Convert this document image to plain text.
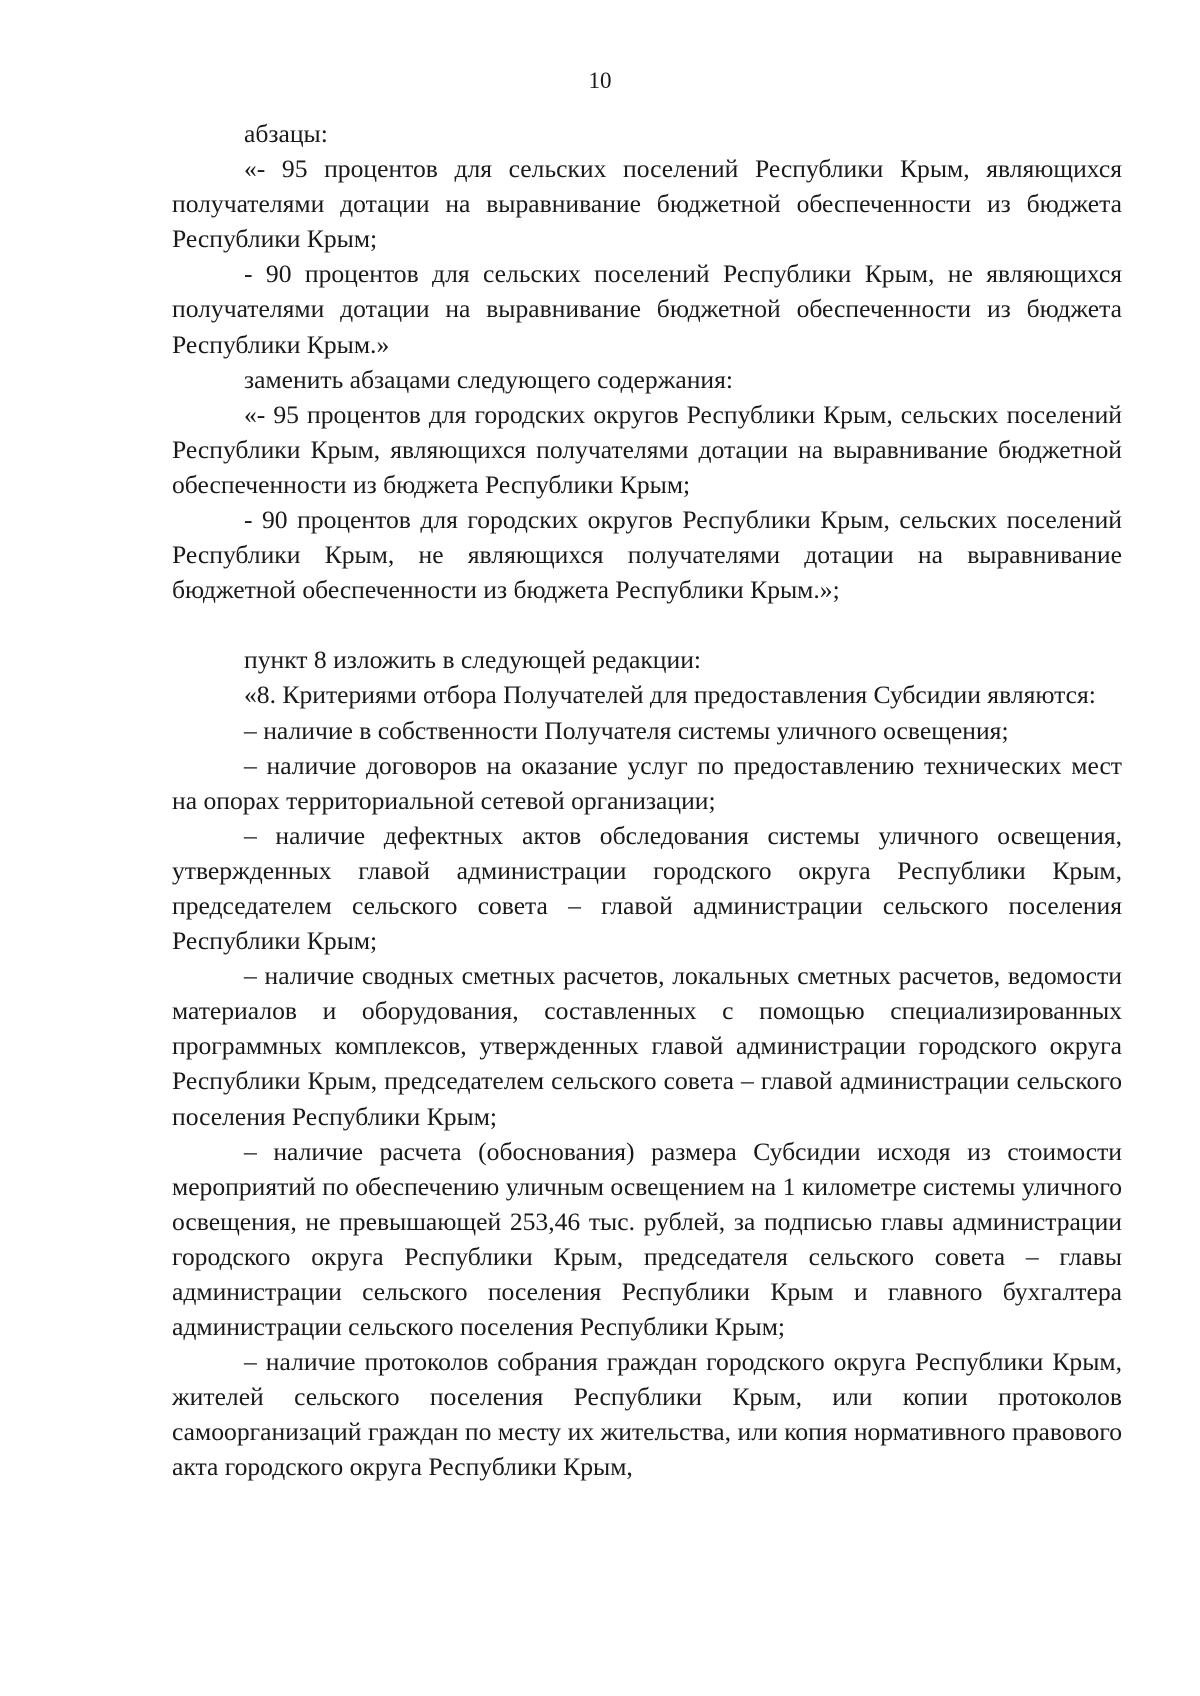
10

абзацы:

«- 95 процентов для сельских поселений Республики Крым, являющихся получателями дотации на выравнивание бюджетной обеспеченности из бюджета Республики Крым;

- 90 процентов для сельских поселений Республики Крым, не являющихся получателями дотации на выравнивание бюджетной обеспеченности из бюджета Республики Крым.»

заменить абзацами следующего содержания:

«- 95 процентов для городских округов Республики Крым, сельских поселений Республики Крым, являющихся получателями дотации на выравнивание бюджетной обеспеченности из бюджета Республики Крым;

- 90 процентов для городских округов Республики Крым, сельских поселений Республики Крым, не являющихся получателями дотации на выравнивание бюджетной обеспеченности из бюджета Республики Крым.»;

пункт 8 изложить в следующей редакции:

«8. Критериями отбора Получателей для предоставления Субсидии являются:

– наличие в собственности Получателя системы уличного освещения;

– наличие договоров на оказание услуг по предоставлению технических мест на опорах территориальной сетевой организации;

– наличие дефектных актов обследования системы уличного освещения, утвержденных главой администрации городского округа Республики Крым, председателем сельского совета – главой администрации сельского поселения Республики Крым;

– наличие сводных сметных расчетов, локальных сметных расчетов, ведомости материалов и оборудования, составленных с помощью специализированных программных комплексов, утвержденных главой администрации городского округа Республики Крым, председателем сельского совета – главой администрации сельского поселения Республики Крым;

– наличие расчета (обоснования) размера Субсидии исходя из стоимости мероприятий по обеспечению уличным освещением на 1 километре системы уличного освещения, не превышающей 253,46 тыс. рублей, за подписью главы администрации городского округа Республики Крым, председателя сельского совета – главы администрации сельского поселения Республики Крым и главного бухгалтера администрации сельского поселения Республики Крым;

– наличие протоколов собрания граждан городского округа Республики Крым, жителей сельского поселения Республики Крым, или копии протоколов самоорганизаций граждан по месту их жительства, или копия нормативного правового акта городского округа Республики Крым,
